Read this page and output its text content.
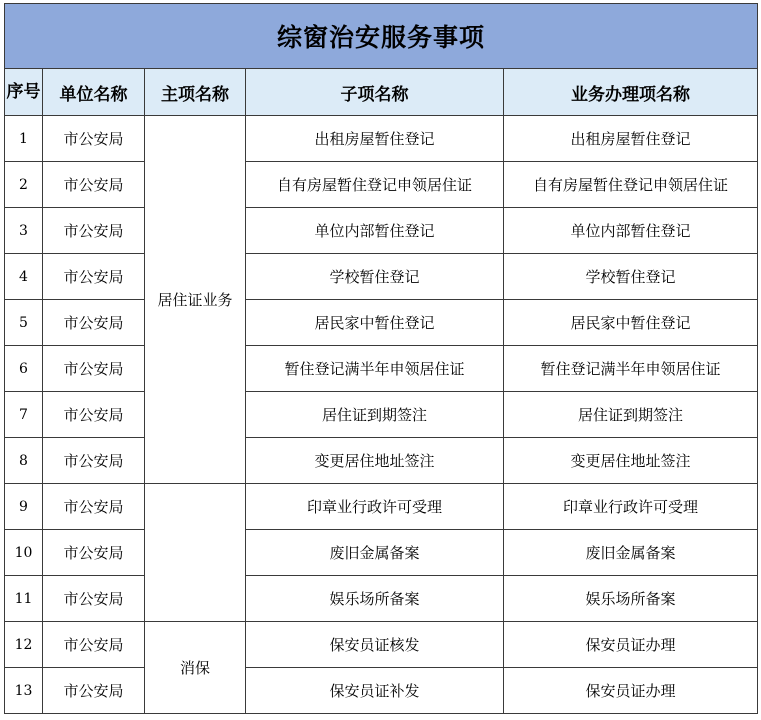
综窗治安服务事项				
序号	单位名称	主项名称	子项名称	业务办理项名称
1	市公安局	居住证业务	出租房屋暂住登记	出租房屋暂住登记
2	市公安局		自有房屋暂住登记申领居住证	自有房屋暂住登记申领居住证
3	市公安局		单位内部暂住登记	单位内部暂住登记
4	市公安局		学校暂住登记	学校暂住登记
5	市公安局		居民家中暂住登记	居民家中暂住登记
6	市公安局		暂住登记满半年申领居住证	暂住登记满半年申领居住证
7	市公安局		居住证到期签注	居住证到期签注
8	市公安局		变更居住地址签注	变更居住地址签注
9	市公安局		印章业行政许可受理	印章业行政许可受理
10	市公安局		废旧金属备案	废旧金属备案
11	市公安局		娱乐场所备案	娱乐场所备案
12	市公安局	消保	保安员证核发	保安员证办理
13	市公安局		保安员证补发	保安员证办理
